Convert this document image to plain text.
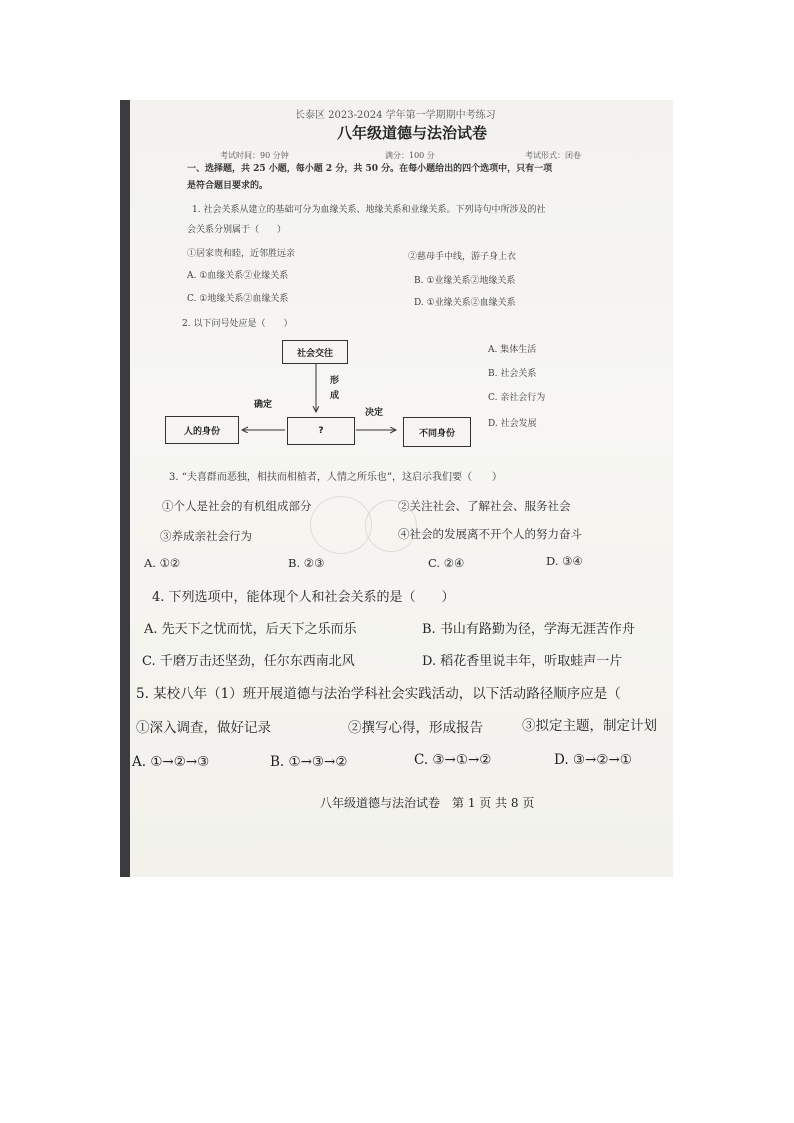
长泰区 2023-2024 学年第一学期期中考练习
八年级道德与法治试卷
考试时间：90 分钟	满分：100 分	考试形式：闭卷
一、选择题，共 25 小题，每小题 2 分，共 50 分。在每小题给出的四个选项中，只有一项
是符合题目要求的。
1. 社会关系从建立的基础可分为血缘关系、地缘关系和业缘关系。下列诗句中所涉及的社
会关系分别属于（　　）
①居家贵和睦，近邻胜远亲	②慈母手中线，游子身上衣
A. ①血缘关系②业缘关系	B. ①业缘关系②地缘关系
C. ①地缘关系②血缘关系	D. ①业缘关系②血缘关系
2. 以下问号处应是（　　）
社会交往
?
人的身份	不同身份
形成
确定
决定
A. 集体生活
B. 社会关系
C. 亲社会行为
D. 社会发展
3. “夫喜群而恶独，相扶而相植者，人情之所乐也”，这启示我们要（　　）
①个人是社会的有机组成部分	②关注社会、了解社会、服务社会
③养成亲社会行为	④社会的发展离不开个人的努力奋斗
A. ①②	B. ②③	C. ②④	D. ③④
4. 下列选项中，能体现个人和社会关系的是（　　）
A. 先天下之忧而忧，后天下之乐而乐	B. 书山有路勤为径，学海无涯苦作舟
C. 千磨万击还坚劲，任尔东西南北风	D. 稻花香里说丰年，听取蛙声一片
5. 某校八年（1）班开展道德与法治学科社会实践活动，以下活动路径顺序应是（
①深入调查，做好记录	②撰写心得，形成报告	③拟定主题，制定计划
A. ①→②→③	B. ①→③→②	C. ③→①→②	D. ③→②→①
八年级道德与法治试卷　第 1 页 共 8 页
